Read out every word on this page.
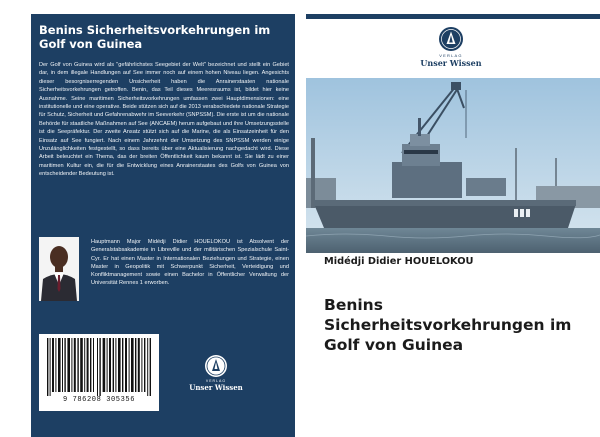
Benins Sicherheitsvorkehrungen im Golf von Guinea
Der Golf von Guinea wird als "gefährlichstes Seegebiet der Welt" bezeichnet und stellt ein Gebiet dar, in dem illegale Handlungen auf See immer noch auf einem hohen Niveau liegen. Angesichts dieser besorgniserregenden Unsicherheit haben die Anrainerstaaten nationale Sicherheitsvorkehrungen getroffen. Benin, das Teil dieses Meeresraums ist, bildet hier keine Ausnahme. Seine maritimen Sicherheitsvorkehrungen umfassen zwei Hauptdimensionen: eine institutionelle und eine operative. Beide stützen sich auf die 2013 verabschiedete nationale Strategie für Schutz, Sicherheit und Gefahrenabwehr im Seeverkehr (SNPSSM). Die erste ist um die nationale Behörde für staatliche Maßnahmen auf See (ANCAEM) herum aufgebaut und ihre Umsetzungsstelle ist die Seepräfektur. Der zweite Ansatz stützt sich auf die Marine, die als Einsatzeinheit für den Einsatz auf See fungiert. Nach einem Jahrzehnt der Umsetzung des SNPSSM werden einige Unzulänglichkeiten festgestellt, so dass bereits über eine Aktualisierung nachgedacht wird. Diese Arbeit beleuchtet ein Thema, das der breiten Öffentlichkeit kaum bekannt ist. Sie lädt zu einer maritimen Kultur ein, die für die Entwicklung eines Anrainerstaates des Golfs von Guinea von entscheidender Bedeutung ist.
Hauptmann Major Midédji Didier HOUELOKOU ist Absolvent der Generalstabsakademie in Libreville und der militärischen Spezialschule Saint-Cyr. Er hat einen Master in Internationalen Beziehungen und Strategie, einen Master in Geopolitik mit Schwerpunkt Sicherheit, Verteidigung und Konfliktmanagement sowie einen Bachelor in Öffentlicher Verwaltung der Universität Rennes 1 erworben.
9 786208 305356
VERLAG
Unser Wissen
VERLAG
Unser Wissen
Midédji Didier HOUELOKOU
Benins Sicherheitsvorkehrungen im Golf von Guinea
